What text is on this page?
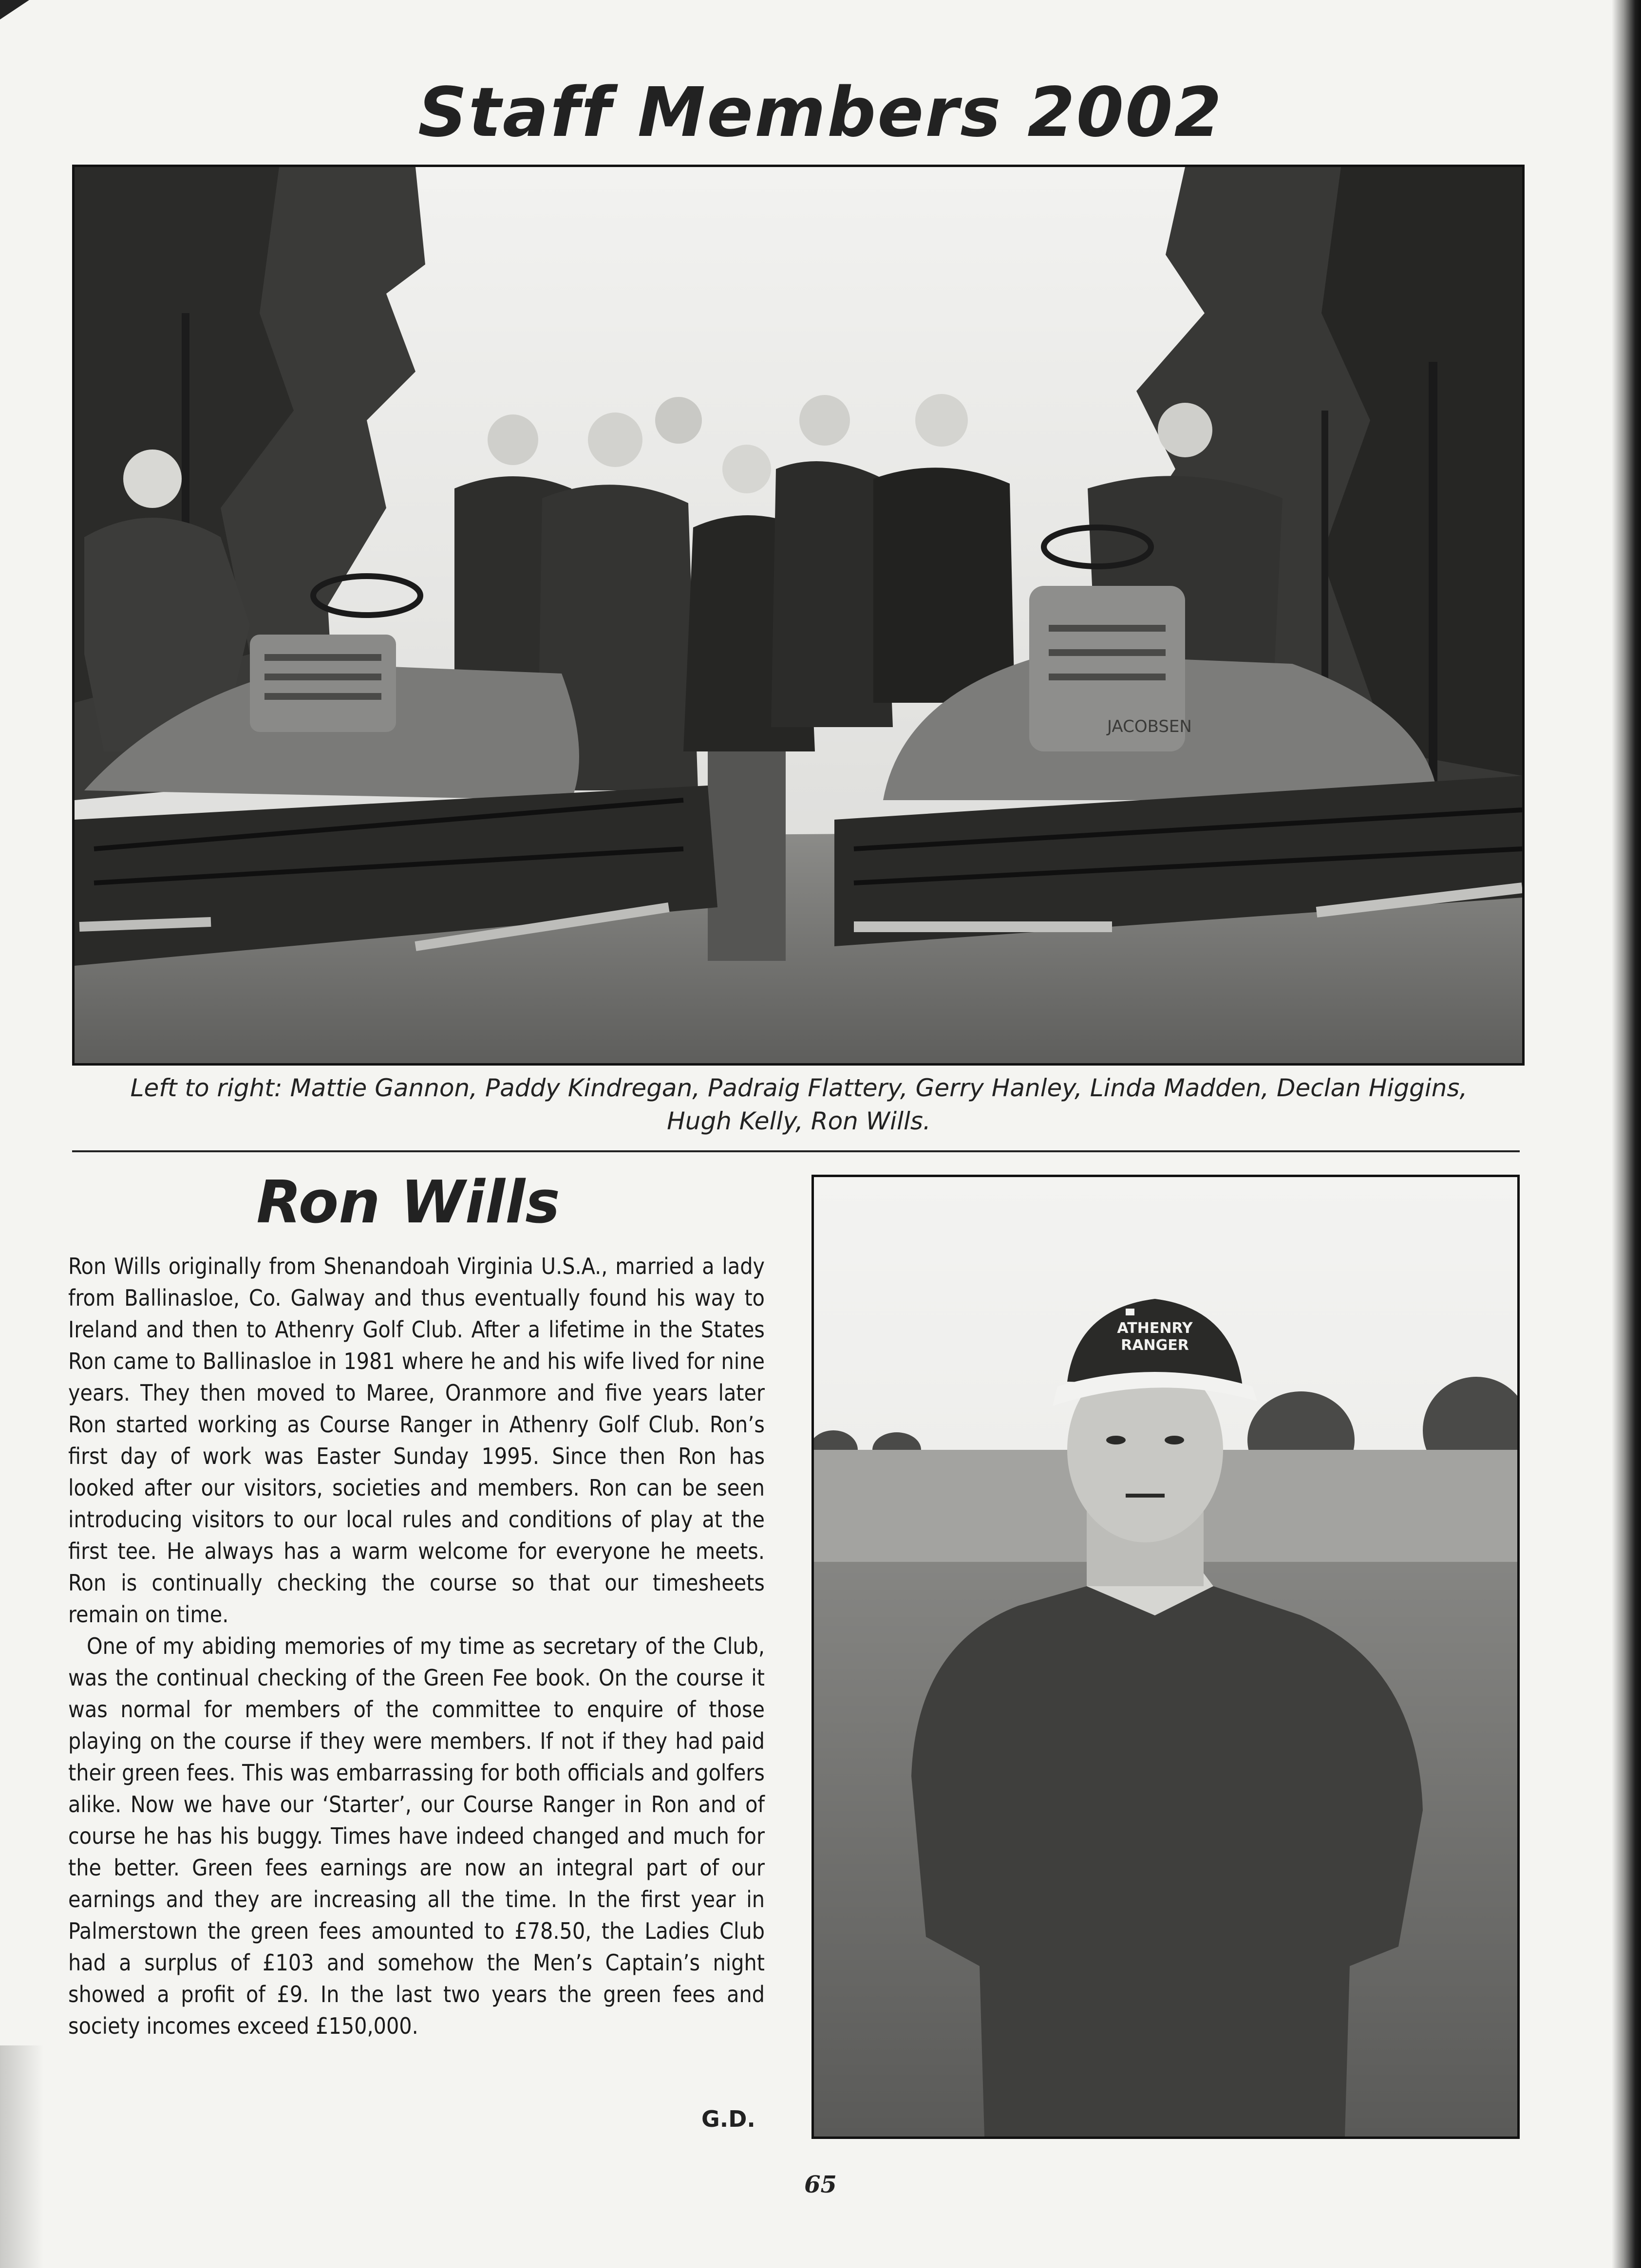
Staff Members 2002
JACOBSEN
Left to right: Mattie Gannon, Paddy Kindregan, Padraig Flattery, Gerry Hanley, Linda Madden, Declan Higgins,
Hugh Kelly, Ron Wills.
Ron Wills

Ron Wills originally from Shenandoah Virginia U.S.A., married a lady from Ballinasloe, Co. Galway and thus eventually found his way to Ireland and then to Athenry Golf Club. After a lifetime in the States Ron came to Ballinasloe in 1981 where he and his wife lived for nine years. They then moved to Maree, Oranmore and five years later Ron started working as Course Ranger in Athenry Golf Club. Ron’s first day of work was Easter Sunday 1995. Since then Ron has looked after our visitors, societies and members. Ron can be seen introducing visitors to our local rules and conditions of play at the first tee. He always has a warm welcome for everyone he meets. Ron is continually checking the course so that our timesheets remain on time.

One of my abiding memories of my time as secretary of the Club, was the continual checking of the Green Fee book. On the course it was normal for members of the committee to enquire of those playing on the course if they were members. If not if they had paid their green fees. This was embarrassing for both officials and golfers alike. Now we have our ‘Starter’, our Course Ranger in Ron and of course he has his buggy. Times have indeed changed and much for the better. Green fees earnings are now an integral part of our earnings and they are increasing all the time. In the first year in Palmerstown the green fees amounted to £78.50, the Ladies Club had a surplus of £103 and somehow the Men’s Captain’s night showed a profit of £9. In the last two years the green fees and society incomes exceed £150,000.

G.D.
ATHENRY
RANGER
65
